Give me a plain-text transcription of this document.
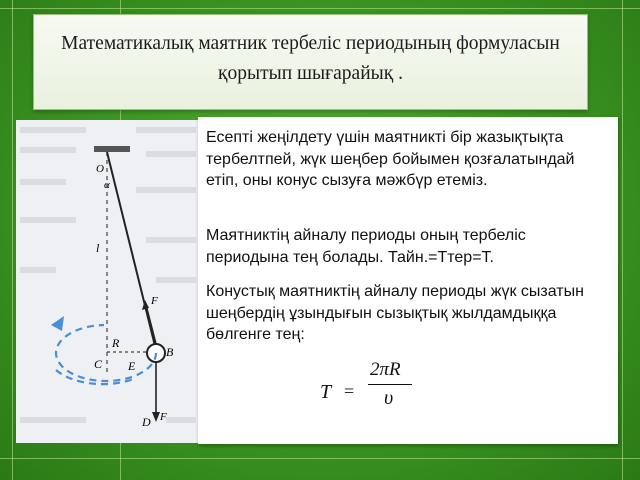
Математикалық маятник тербеліс периодының формуласын қорытып шығарайық .
O
α
l
F
R
C E
B
D F

Есепті жеңілдету үшін маятникті бір жазықтықта тербелтпей, жүк шеңбер бойымен қозғалатындай етіп, оны конус сызуға мәжбүр етеміз.

Маятниктің айналу периоды оның тербеліс периодына тең болады. Тайн.=Ттер=Т.

Конустық маятниктің айналу периоды жүк сызатын шеңбердің ұзындығын сызықтық жылдамдыққа бөлгенге тең:

T =
2πR
υ
